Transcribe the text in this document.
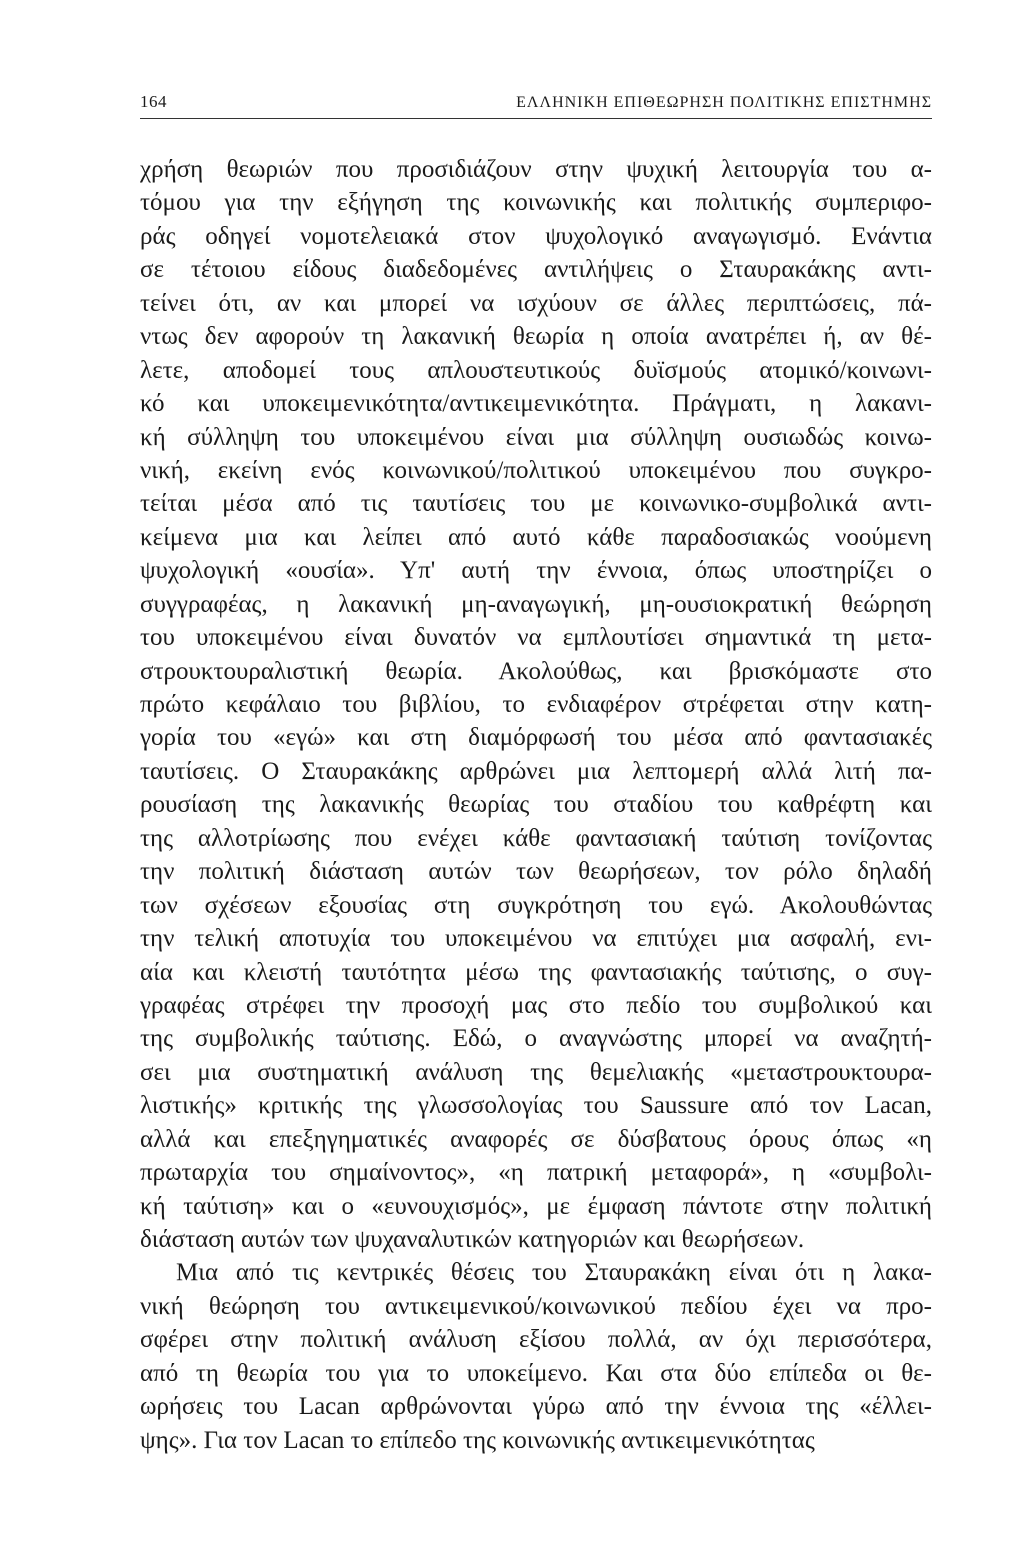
164	ΕΛΛΗΝΙΚΗ ΕΠΙΘΕΩΡΗΣΗ ΠΟΛΙΤΙΚΗΣ ΕΠΙΣΤΗΜΗΣ

χρήση θεωριών που προσιδιάζουν στην ψυχική λειτουργία του α-
τόμου για την εξήγηση της κοινωνικής και πολιτικής συμπεριφο-
ράς οδηγεί νομοτελειακά στον ψυχολογικό αναγωγισμό. Ενάντια
σε τέτοιου είδους διαδεδομένες αντιλήψεις ο Σταυρακάκης αντι-
τείνει ότι, αν και μπορεί να ισχύουν σε άλλες περιπτώσεις, πά-
ντως δεν αφορούν τη λακανική θεωρία η οποία ανατρέπει ή, αν θέ-
λετε, αποδομεί τους απλουστευτικούς δυϊσμούς ατομικό/κοινωνι-
κό και υποκειμενικότητα/αντικειμενικότητα. Πράγματι, η λακανι-
κή σύλληψη του υποκειμένου είναι μια σύλληψη ουσιωδώς κοινω-
νική, εκείνη ενός κοινωνικού/πολιτικού υποκειμένου που συγκρο-
τείται μέσα από τις ταυτίσεις του με κοινωνικο-συμβολικά αντι-
κείμενα μια και λείπει από αυτό κάθε παραδοσιακώς νοούμενη
ψυχολογική «ουσία». Υπ' αυτή την έννοια, όπως υποστηρίζει ο
συγγραφέας, η λακανική μη-αναγωγική, μη-ουσιοκρατική θεώρηση
του υποκειμένου είναι δυνατόν να εμπλουτίσει σημαντικά τη μετα-
στρουκτουραλιστική θεωρία. Ακολούθως, και βρισκόμαστε στο
πρώτο κεφάλαιο του βιβλίου, το ενδιαφέρον στρέφεται στην κατη-
γορία του «εγώ» και στη διαμόρφωσή του μέσα από φαντασιακές
ταυτίσεις. Ο Σταυρακάκης αρθρώνει μια λεπτομερή αλλά λιτή πα-
ρουσίαση της λακανικής θεωρίας του σταδίου του καθρέφτη και
της αλλοτρίωσης που ενέχει κάθε φαντασιακή ταύτιση τονίζοντας
την πολιτική διάσταση αυτών των θεωρήσεων, τον ρόλο δηλαδή
των σχέσεων εξουσίας στη συγκρότηση του εγώ. Ακολουθώντας
την τελική αποτυχία του υποκειμένου να επιτύχει μια ασφαλή, ενι-
αία και κλειστή ταυτότητα μέσω της φαντασιακής ταύτισης, ο συγ-
γραφέας στρέφει την προσοχή μας στο πεδίο του συμβολικού και
της συμβολικής ταύτισης. Εδώ, ο αναγνώστης μπορεί να αναζητή-
σει μια συστηματική ανάλυση της θεμελιακής «μεταστρουκτουρα-
λιστικής» κριτικής της γλωσσολογίας του Saussure από τον Lacan,
αλλά και επεξηγηματικές αναφορές σε δύσβατους όρους όπως «η
πρωταρχία του σημαίνοντος», «η πατρική μεταφορά», η «συμβολι-
κή ταύτιση» και ο «ευνουχισμός», με έμφαση πάντοτε στην πολιτική
διάσταση αυτών των ψυχαναλυτικών κατηγοριών και θεωρήσεων.

Μια από τις κεντρικές θέσεις του Σταυρακάκη είναι ότι η λακα-
νική θεώρηση του αντικειμενικού/κοινωνικού πεδίου έχει να προ-
σφέρει στην πολιτική ανάλυση εξίσου πολλά, αν όχι περισσότερα,
από τη θεωρία του για το υποκείμενο. Και στα δύο επίπεδα οι θε-
ωρήσεις του Lacan αρθρώνονται γύρω από την έννοια της «έλλει-
ψης». Για τον Lacan το επίπεδο της κοινωνικής αντικειμενικότητας
